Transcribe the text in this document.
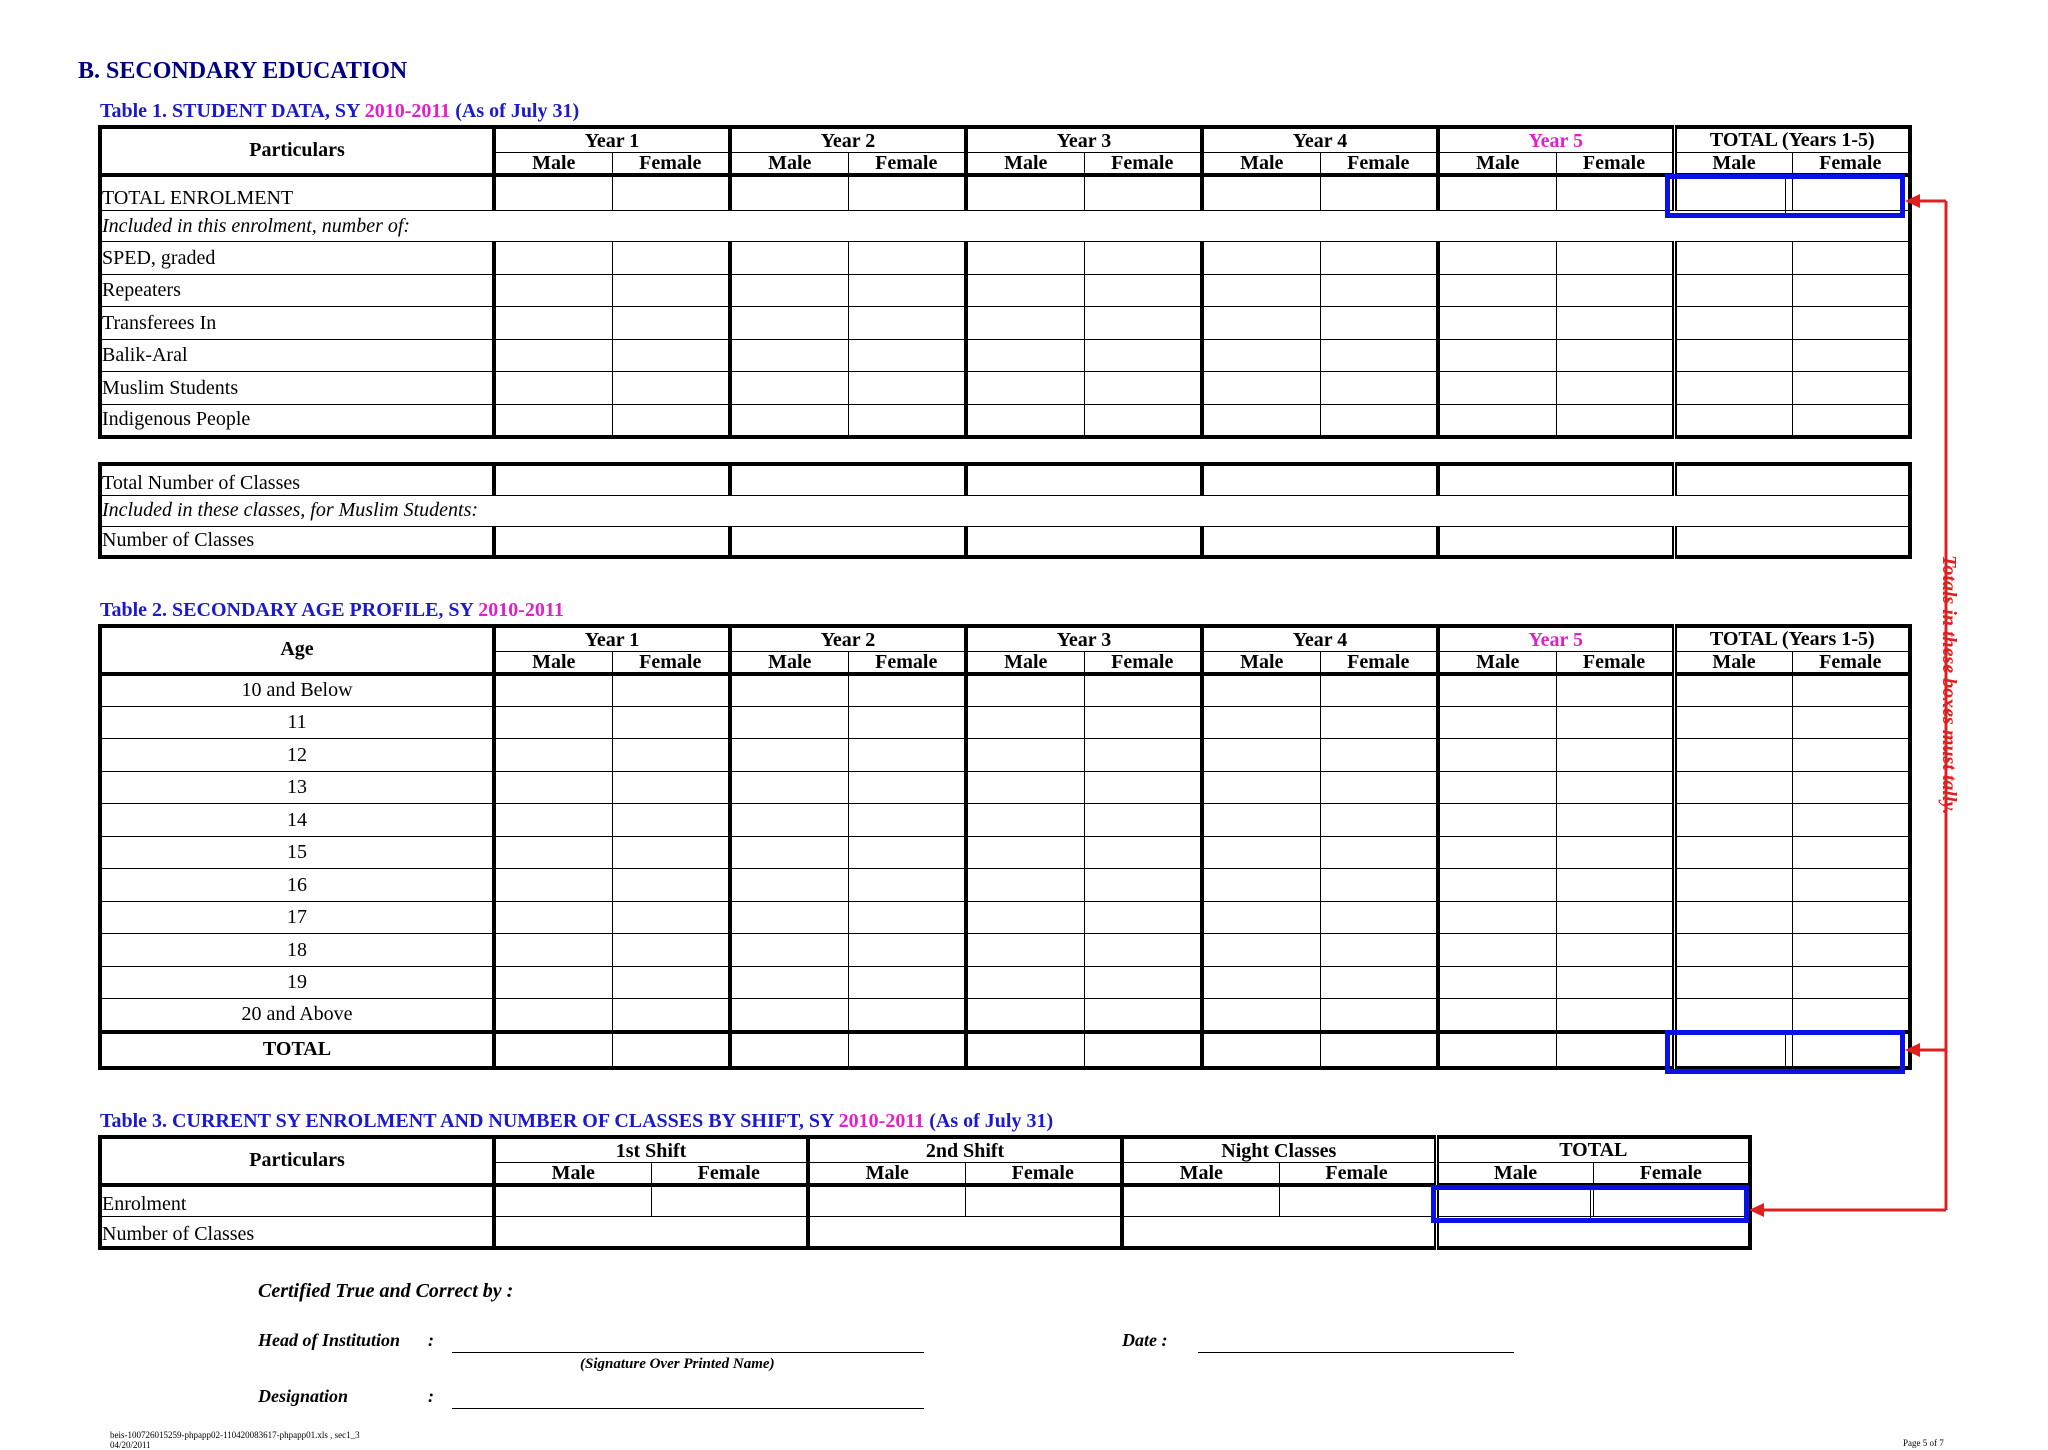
B. SECONDARY EDUCATION
Table 1. STUDENT DATA, SY 2010-2011 (As of July 31)
Particulars	Year 1		Year 2		Year 3		Year 4		Year 5		TOTAL (Years 1-5)	
	Male	Female	Male	Female	Male	Female	Male	Female	Male	Female	Male	Female
TOTAL ENROLMENT												
Included in this enrolment, number of:												
SPED, graded												
Repeaters												
Transferees In												
Balik-Aral												
Muslim Students												
Indigenous People												
Total Number of Classes						
Included in these classes, for Muslim Students:						
Number of Classes						
Table 2. SECONDARY AGE PROFILE, SY 2010-2011
Age	Year 1		Year 2		Year 3		Year 4		Year 5		TOTAL (Years 1-5)	
	Male	Female	Male	Female	Male	Female	Male	Female	Male	Female	Male	Female
10 and Below												
11												
12												
13												
14												
15												
16												
17												
18												
19												
20 and Above												
TOTAL												
Table 3. CURRENT SY ENROLMENT AND NUMBER OF CLASSES BY SHIFT, SY 2010-2011 (As of July 31)
Particulars	1st Shift		2nd Shift		Night Classes		TOTAL	
	Male	Female	Male	Female	Male	Female	Male	Female
Enrolment								
Number of Classes								
Totals in these boxes must tally.
Certified True and Correct by :
Head of Institution :
(Signature Over Printed Name)
Date :
Designation	:
beis-100726015259-phpapp02-110420083617-phpapp01.xls , sec1_3
04/20/2011	Page 5 of 7
